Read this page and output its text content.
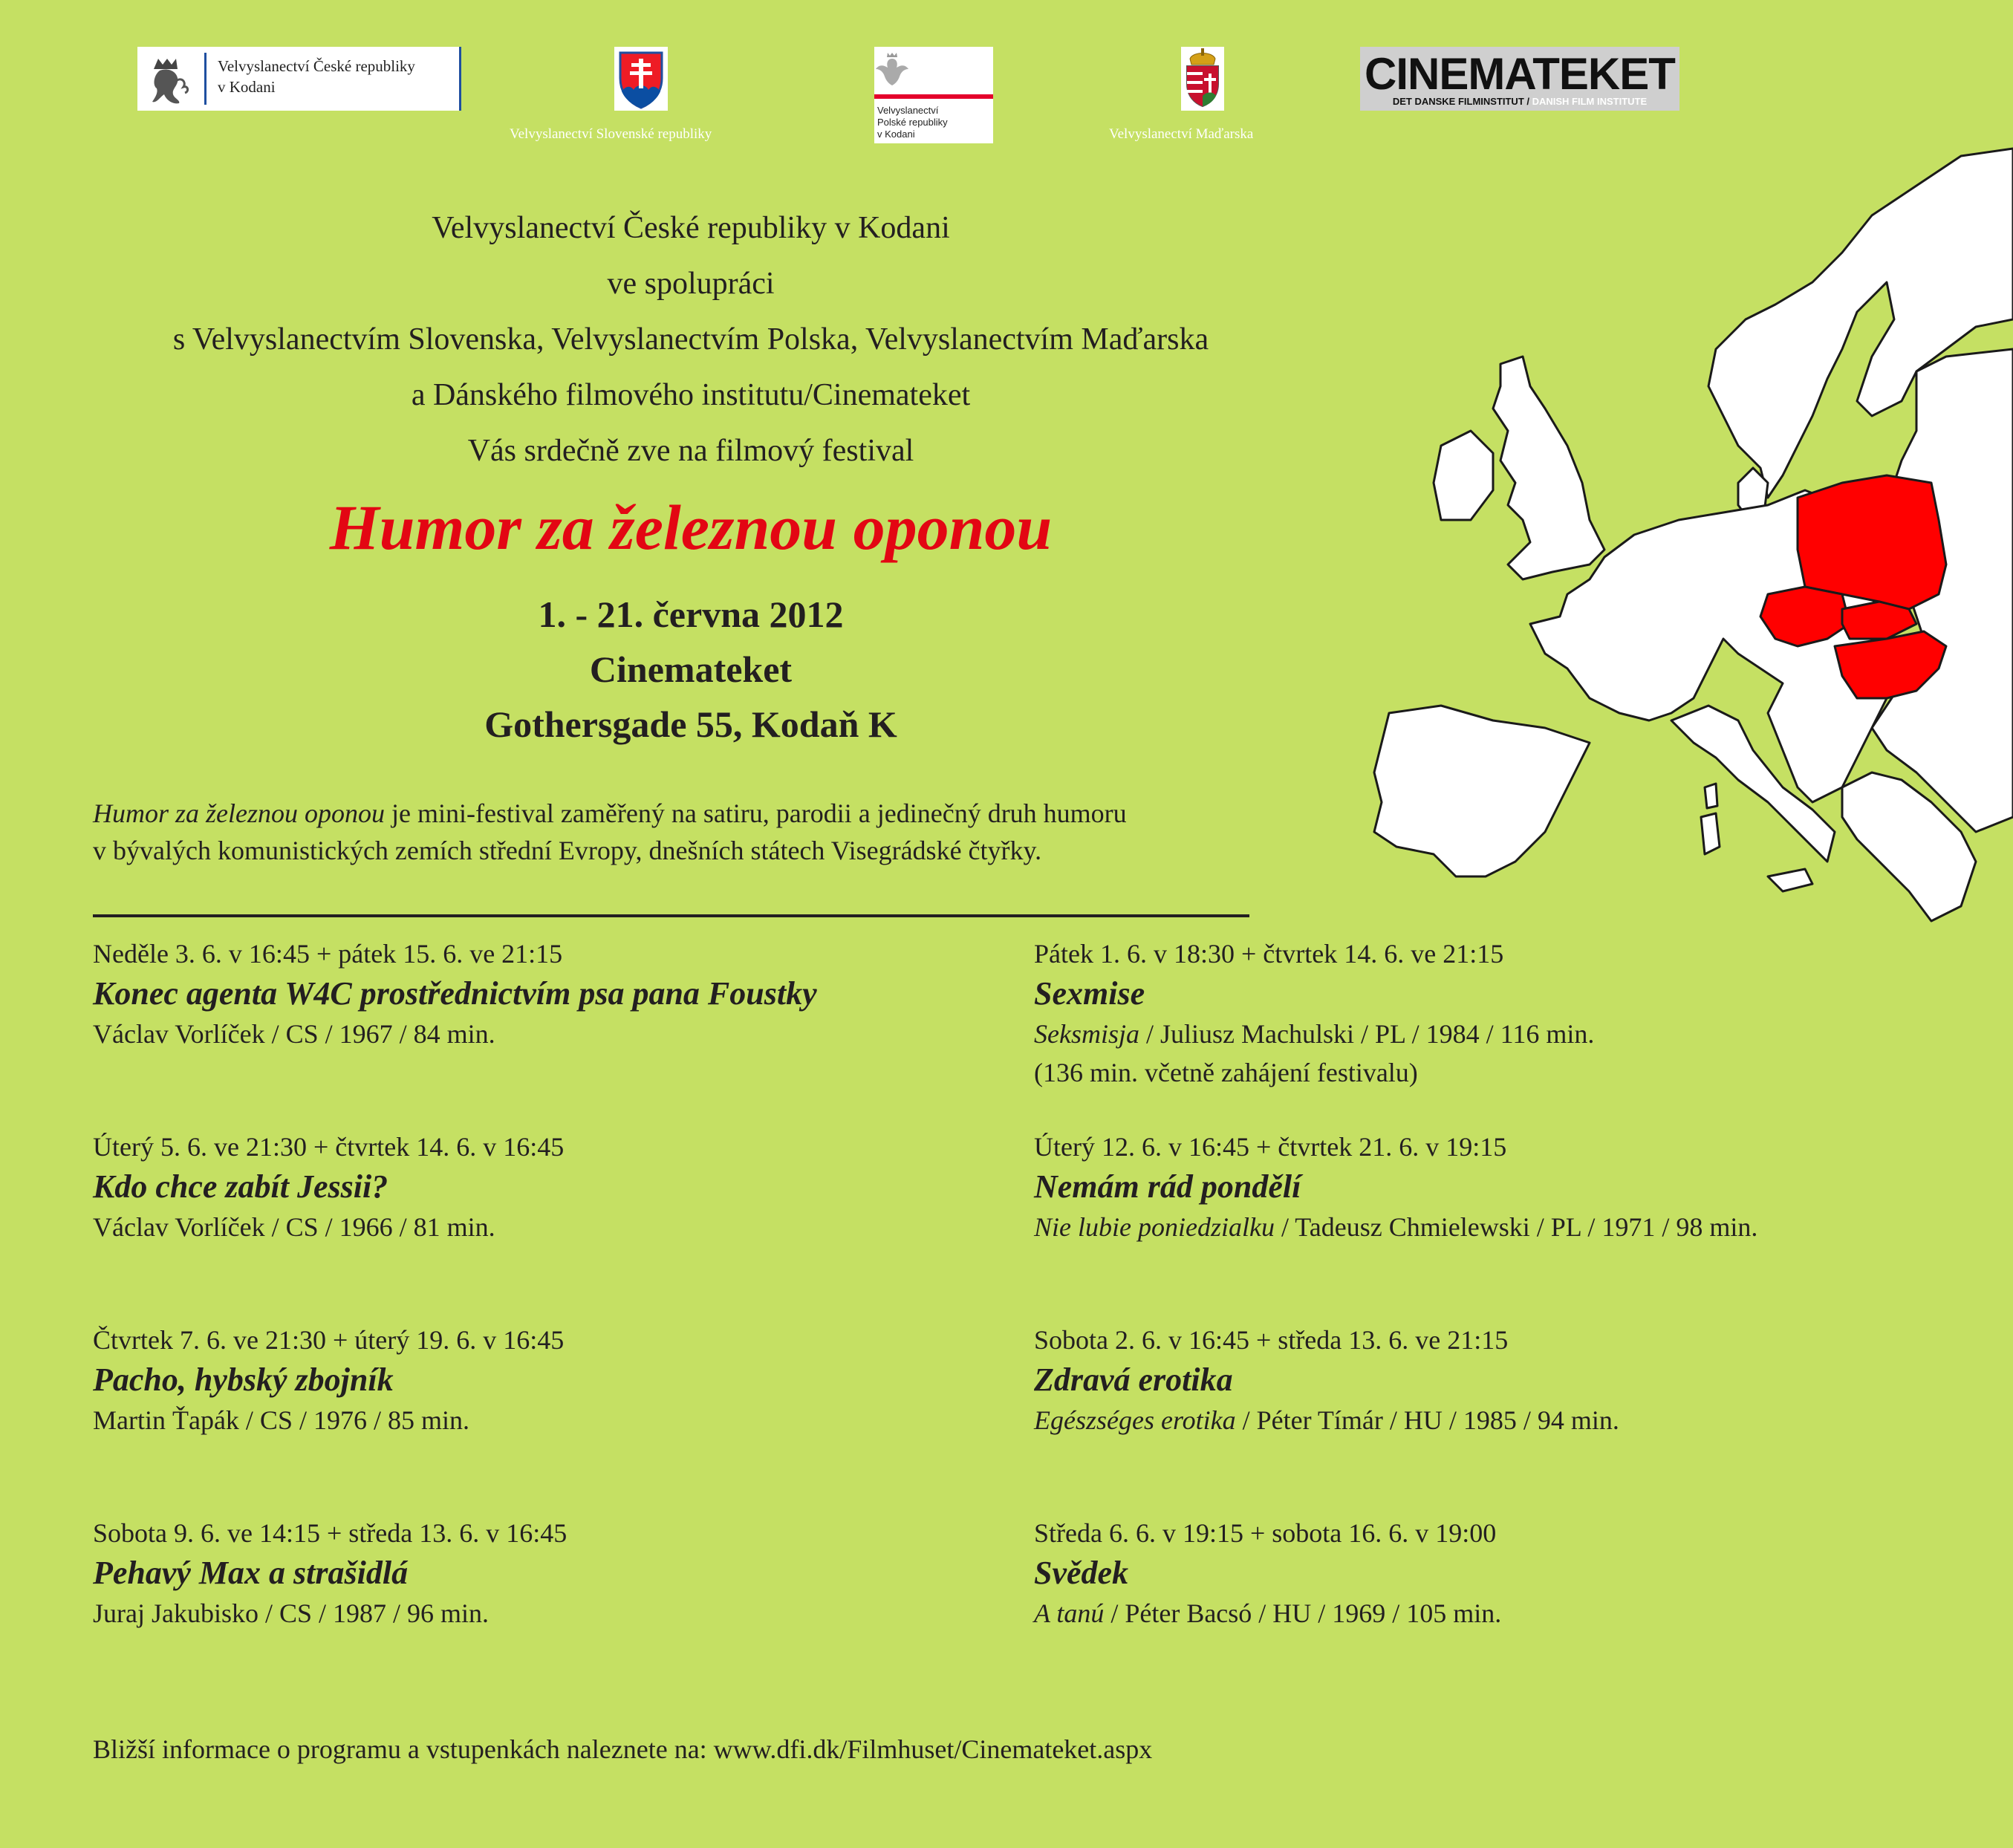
Velvyslanectví České republiky
v Kodani
Velvyslanectví Slovenské republiky
Velvyslanectví
Polské republiky
v Kodani	Velvyslanectví Maďarska
CINEMATEKET
DET DANSKE FILMINSTITUT / DANISH FILM INSTITUTE
Velvyslanectví České republiky v Kodani
ve spolupráci
s Velvyslanectvím Slovenska, Velvyslanectvím Polska, Velvyslanectvím Maďarska
a Dánského filmového institutu/Cinemateket
Vás srdečně zve na filmový festival
Humor za železnou oponou
1. - 21. června 2012
Cinemateket
Gothersgade 55, Kodaň K
Humor za železnou oponou je mini-festival zaměřený na satiru, parodii a jedinečný druh humoru
v bývalých komunistických zemích střední Evropy, dnešních státech Visegrádské čtyřky.
Neděle 3. 6. v 16:45 + pátek 15. 6. ve 21:15
Konec agenta W4C prostřednictvím psa pana Foustky
Václav Vorlíček / CS / 1967 / 84 min.
Úterý 5. 6. ve 21:30 + čtvrtek 14. 6. v 16:45
Kdo chce zabít Jessii?
Václav Vorlíček / CS / 1966 / 81 min.
Čtvrtek 7. 6. ve 21:30 + úterý 19. 6. v 16:45
Pacho, hybský zbojník
Martin Ťapák / CS / 1976 / 85 min.
Sobota 9. 6. ve 14:15 + středa 13. 6. v 16:45
Pehavý Max a strašidlá
Juraj Jakubisko / CS / 1987 / 96 min.
Pátek 1. 6. v 18:30 + čtvrtek 14. 6. ve 21:15
Sexmise
Seksmisja / Juliusz Machulski / PL / 1984 / 116 min.
(136 min. včetně zahájení festivalu)
Úterý 12. 6. v 16:45 + čtvrtek 21. 6. v 19:15
Nemám rád pondělí
Nie lubie poniedzialku / Tadeusz Chmielewski / PL / 1971 / 98 min.
Sobota 2. 6. v 16:45 + středa 13. 6. ve 21:15
Zdravá erotika
Egészséges erotika / Péter Tímár / HU / 1985 / 94 min.
Středa 6. 6. v 19:15 + sobota 16. 6. v 19:00
Svědek
A tanú / Péter Bacsó / HU / 1969 / 105 min.
Bližší informace o programu a vstupenkách naleznete na: www.dfi.dk/Filmhuset/Cinemateket.aspx
